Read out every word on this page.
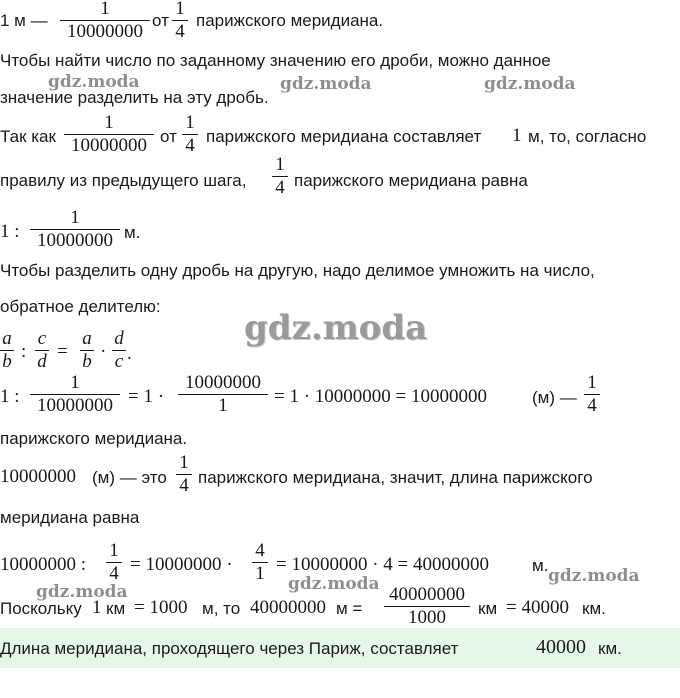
1 м —
1
10000000
от
1
4
парижского меридиана.
Чтобы найти число по заданному значению его дроби, можно данное
значение разделить на эту дробь.
Так как
1
10000000 от
1
4 парижского меридиана составляет 1 м, то, согласно
правилу из предыдущего шага,
1
4 парижского меридиана равна
1 :
1
10000000 м.
Чтобы разделить одну дробь на другую, надо делимое умножить на число,
обратное делителю:
a
b :
c
d =
a
b ·
d
c .
1 :
1
10000000 = 1 ·
10000000
1	= 1 · 10000000 = 10000000	(м) —
1
4
парижского меридиана.
10000000 (м) — это
1
4 парижского меридиана, значит, длина парижского
меридиана равна
10000000 :
1
4 = 10000000 ·
4
1 = 10000000 · 4 = 40000000	м.
Поскольку 1 км = 1000 м, то 40000000 м =
40000000
1000	км = 40000 км.
Длина меридиана, проходящего через Париж, составляет	40000 км.
gdz.moda	gdz.moda	gdz.moda
gdz.moda
gdz.moda
gdz.moda	gdz.moda
